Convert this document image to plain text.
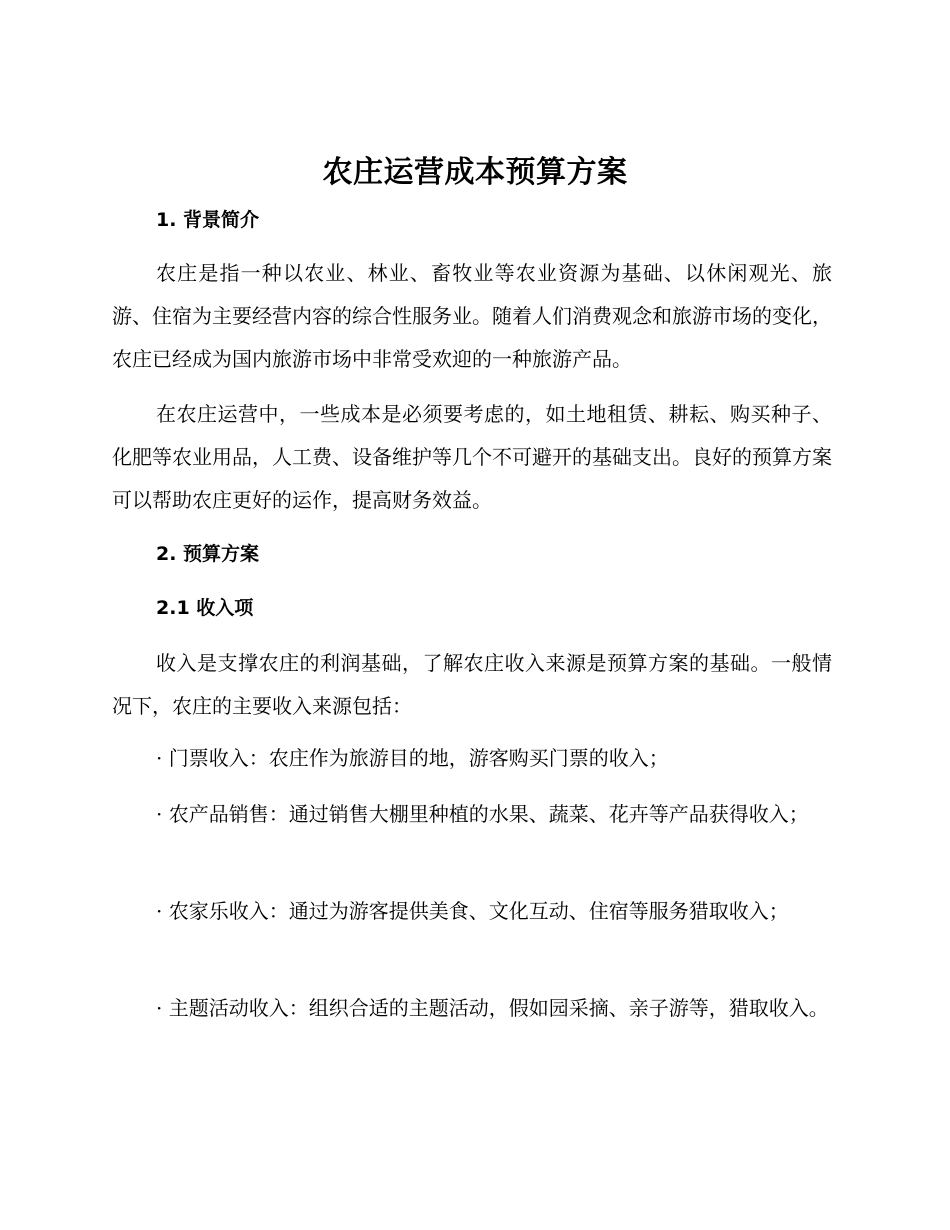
农庄运营成本预算方案
1. 背景简介

农庄是指一种以农业、林业、畜牧业等农业资源为基础、以休闲观光、旅游、住宿为主要经营内容的综合性服务业。随着人们消费观念和旅游市场的变化，农庄已经成为国内旅游市场中非常受欢迎的一种旅游产品。

在农庄运营中，一些成本是必须要考虑的，如土地租赁、耕耘、购买种子、化肥等农业用品，人工费、设备维护等几个不可避开的基础支出。良好的预算方案可以帮助农庄更好的运作，提高财务效益。

2. 预算方案
2.1 收入项

收入是支撑农庄的利润基础，了解农庄收入来源是预算方案的基础。一般情况下，农庄的主要收入来源包括：

· 门票收入：农庄作为旅游目的地，游客购买门票的收入；

· 农产品销售：通过销售大棚里种植的水果、蔬菜、花卉等产品获得收入；

· 农家乐收入：通过为游客提供美食、文化互动、住宿等服务猎取收入；

· 主题活动收入：组织合适的主题活动，假如园采摘、亲子游等，猎取收入。
